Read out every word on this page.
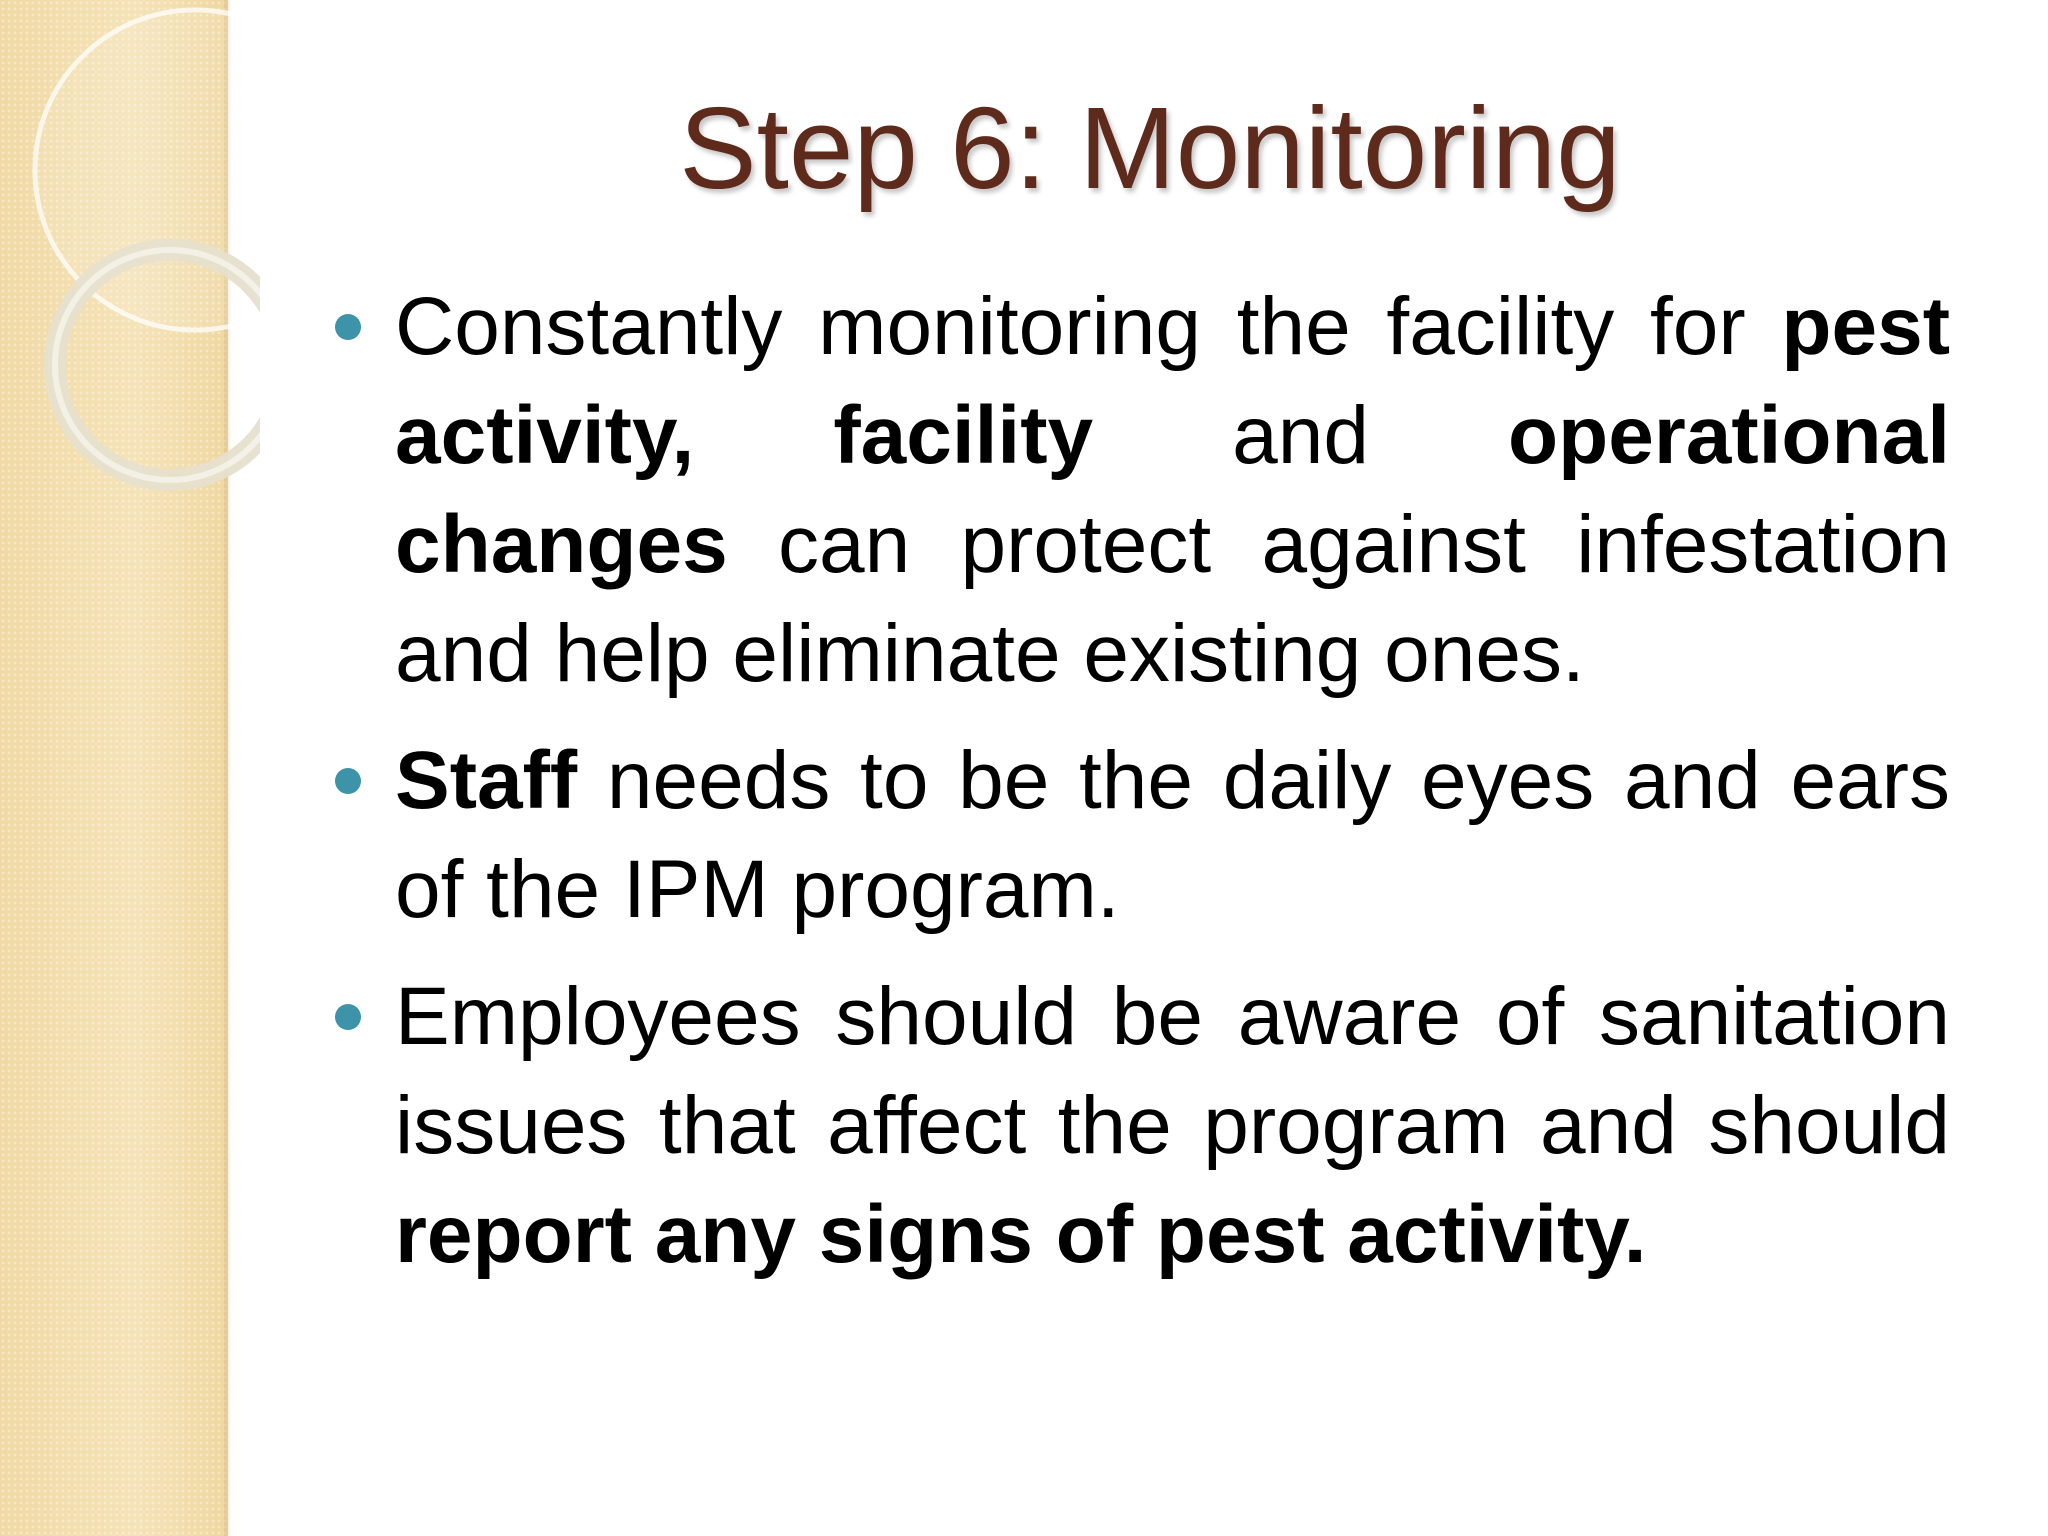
Step 6: Monitoring
Constantly monitoring the facility for pest activity, facility and operational changes can protect against infestation and help eliminate existing ones.
Staff needs to be the daily eyes and ears of the IPM program.
Employees should be aware of sanitation issues that affect the program and should report any signs of pest activity.
